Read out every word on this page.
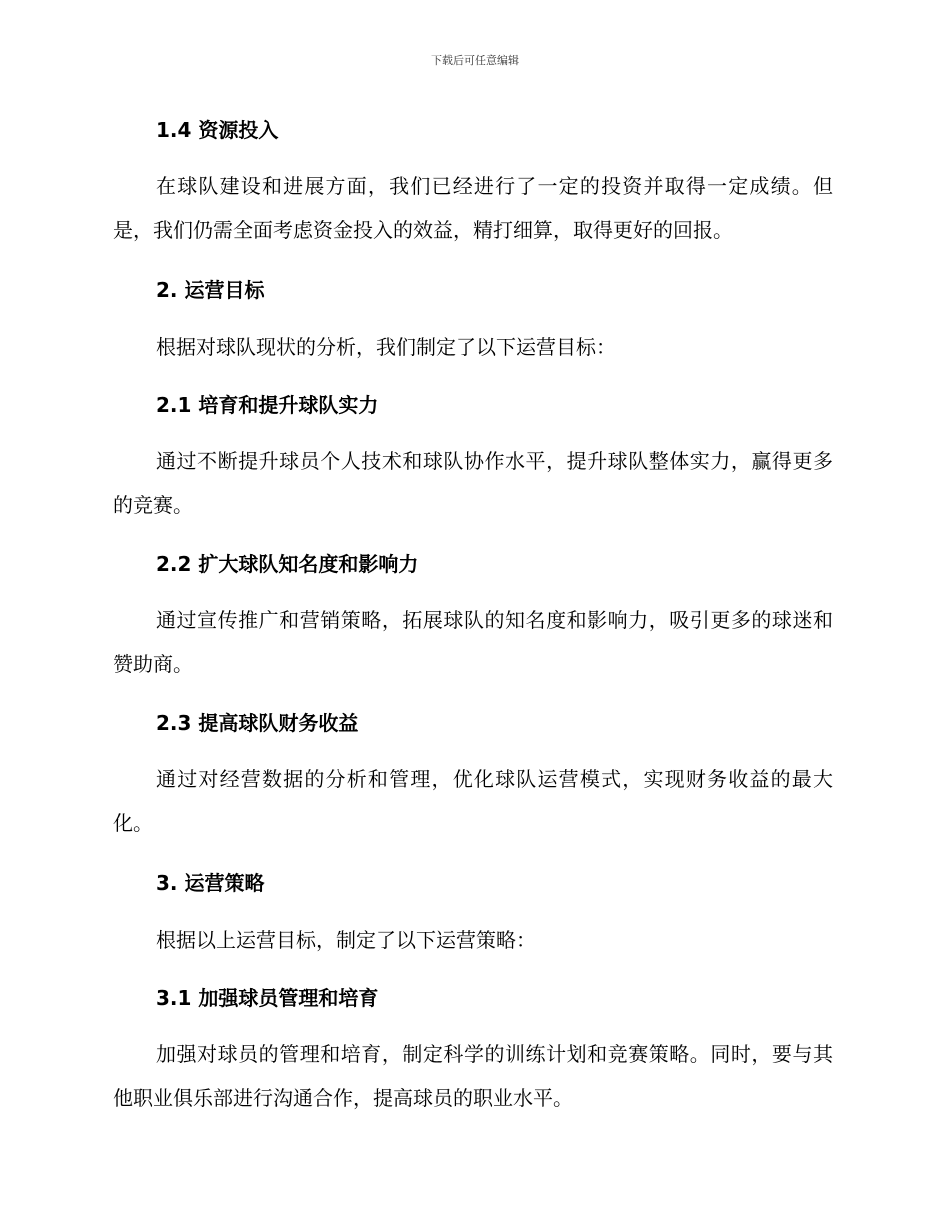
下载后可任意编辑
1.4 资源投入

在球队建设和进展方面，我们已经进行了一定的投资并取得一定成绩。但是，我们仍需全面考虑资金投入的效益，精打细算，取得更好的回报。

2. 运营目标

根据对球队现状的分析，我们制定了以下运营目标：

2.1 培育和提升球队实力

通过不断提升球员个人技术和球队协作水平，提升球队整体实力，赢得更多的竞赛。

2.2 扩大球队知名度和影响力

通过宣传推广和营销策略，拓展球队的知名度和影响力，吸引更多的球迷和赞助商。

2.3 提高球队财务收益

通过对经营数据的分析和管理，优化球队运营模式，实现财务收益的最大化。

3. 运营策略

根据以上运营目标，制定了以下运营策略：

3.1 加强球员管理和培育

加强对球员的管理和培育，制定科学的训练计划和竞赛策略。同时，要与其他职业俱乐部进行沟通合作，提高球员的职业水平。
